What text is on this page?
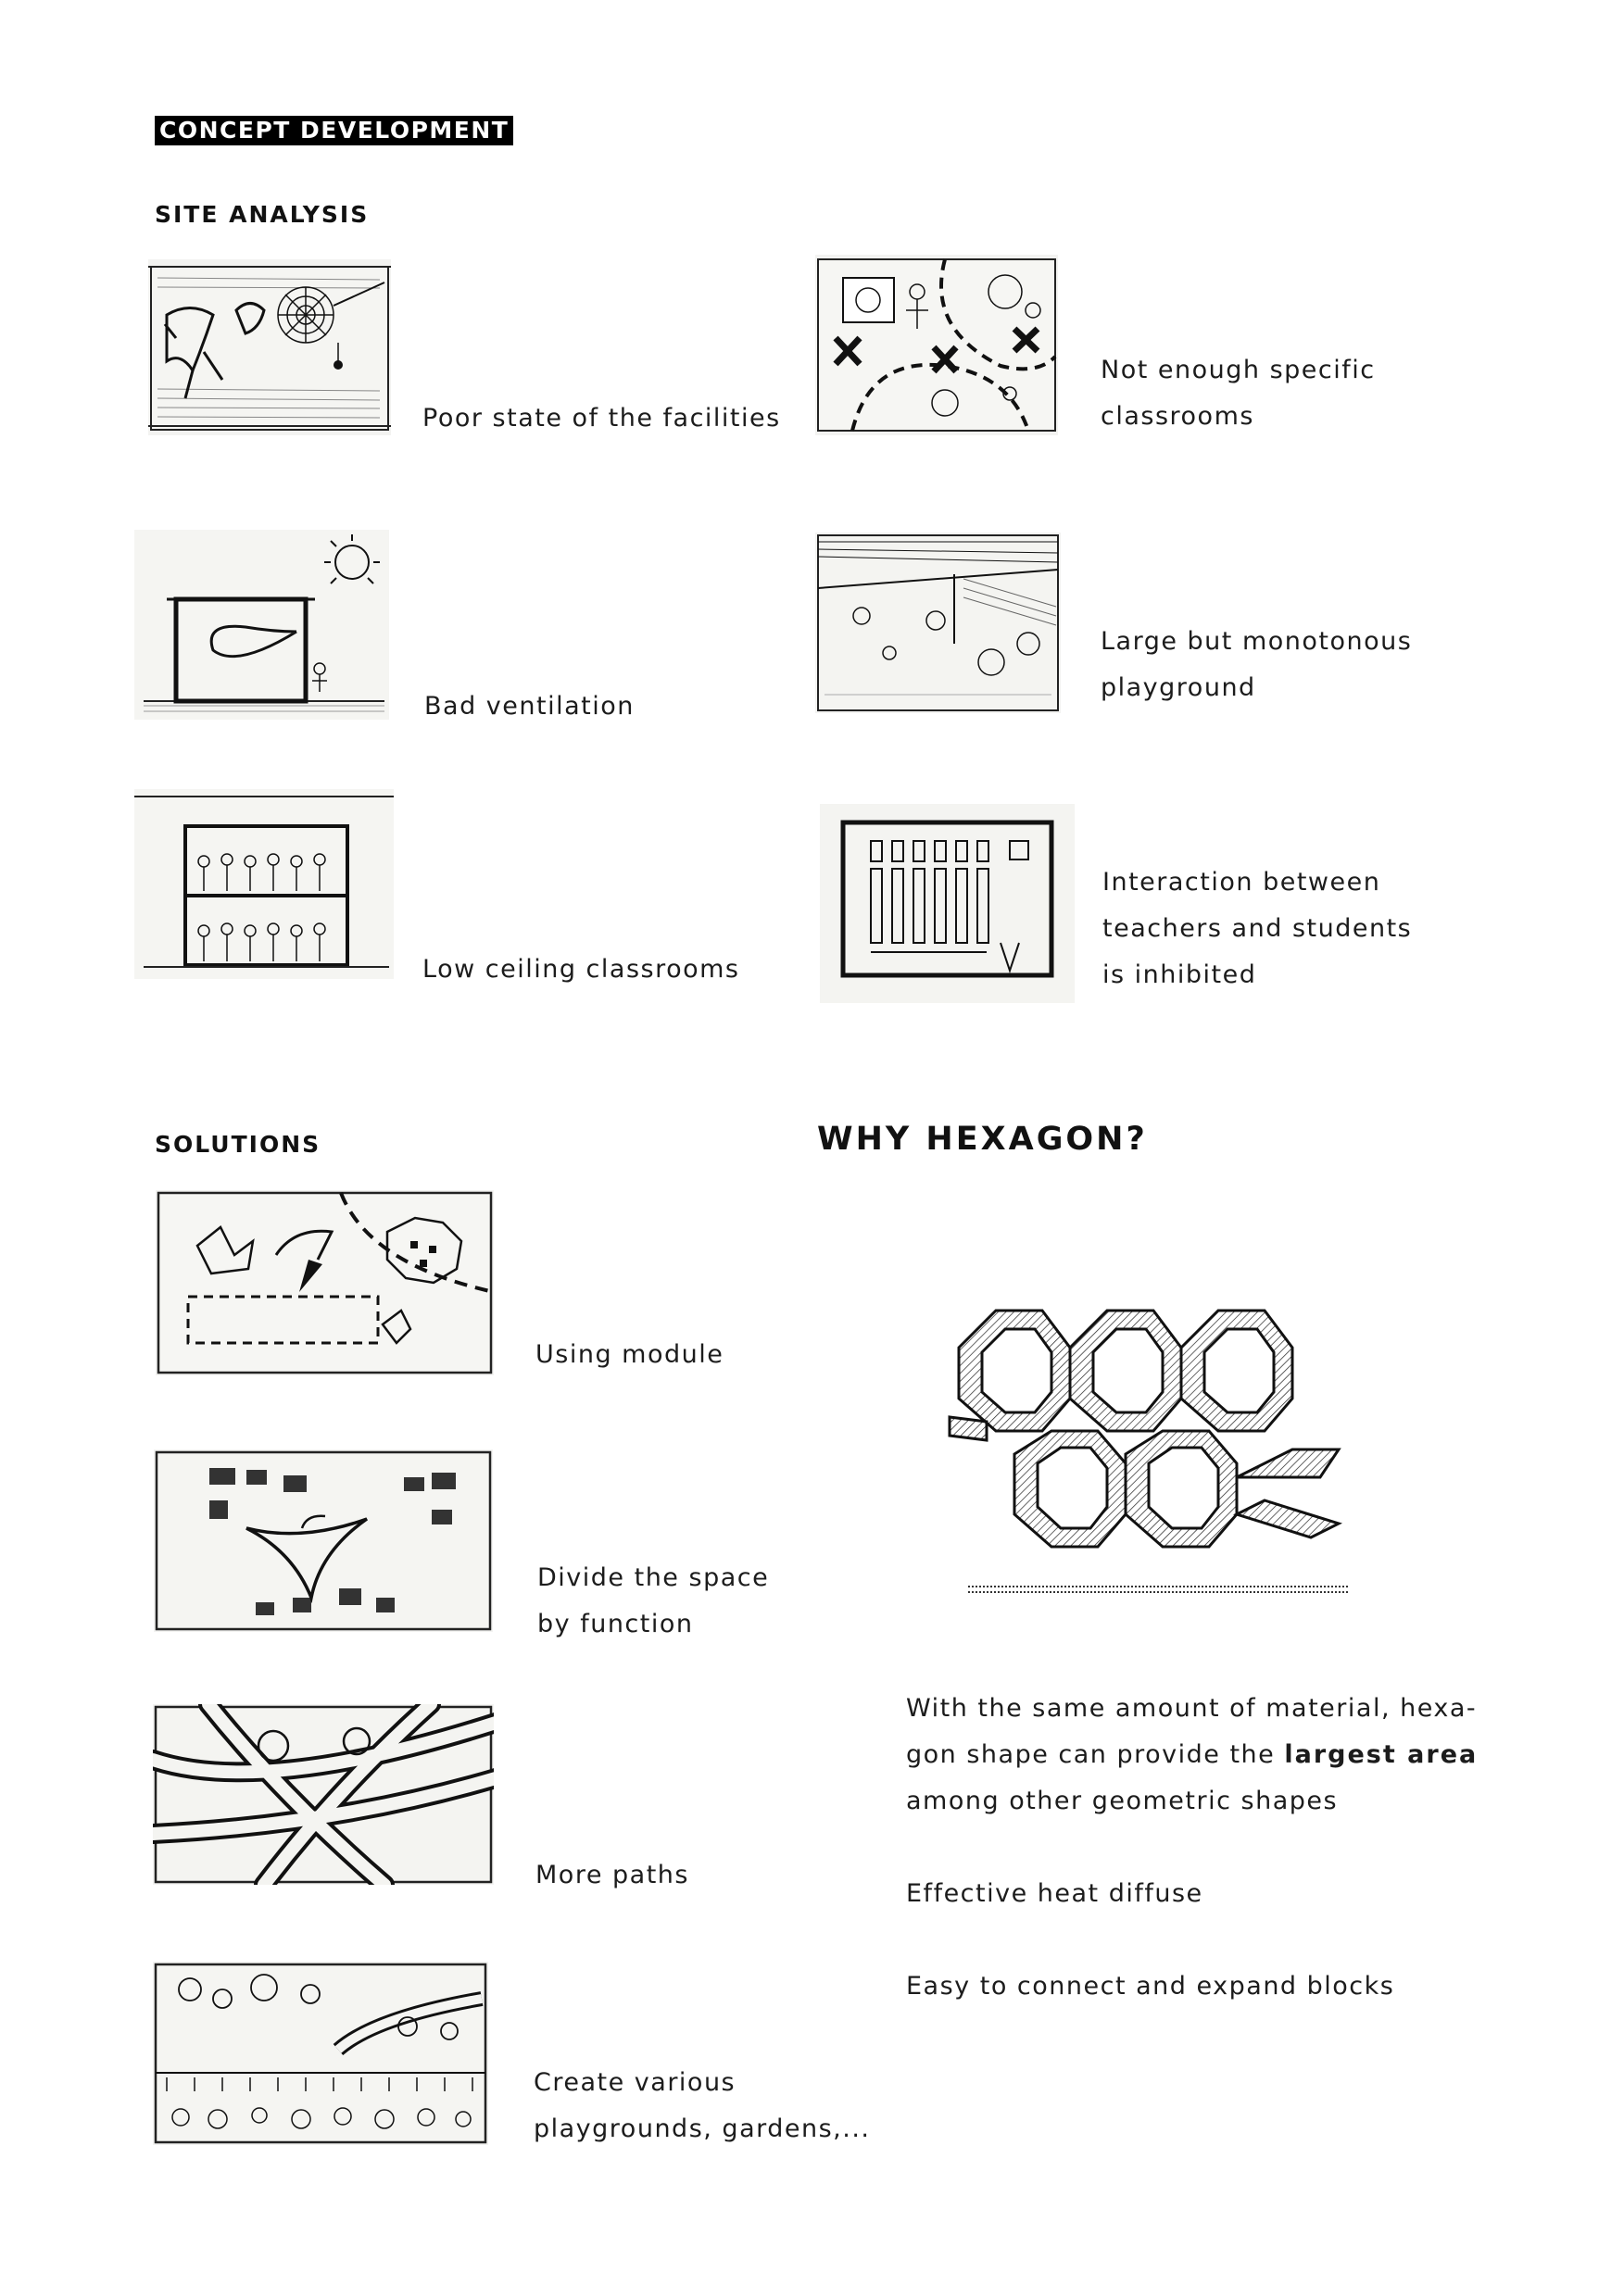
CONCEPT DEVELOPMENT
SITE ANALYSIS
Poor state of the facilities
Not enough specific
classrooms
Bad ventilation
Large but monotonous
playground
Low ceiling classrooms
Interaction between
teachers and students
is inhibited
SOLUTIONS
Using module
Divide the space
by function
More paths
Create various
playgrounds, gardens,...
WHY HEXAGON?
With the same amount of material, hexa-
gon shape can provide the largest area
among other geometric shapes
Effective heat diffuse
Easy to connect and expand blocks
